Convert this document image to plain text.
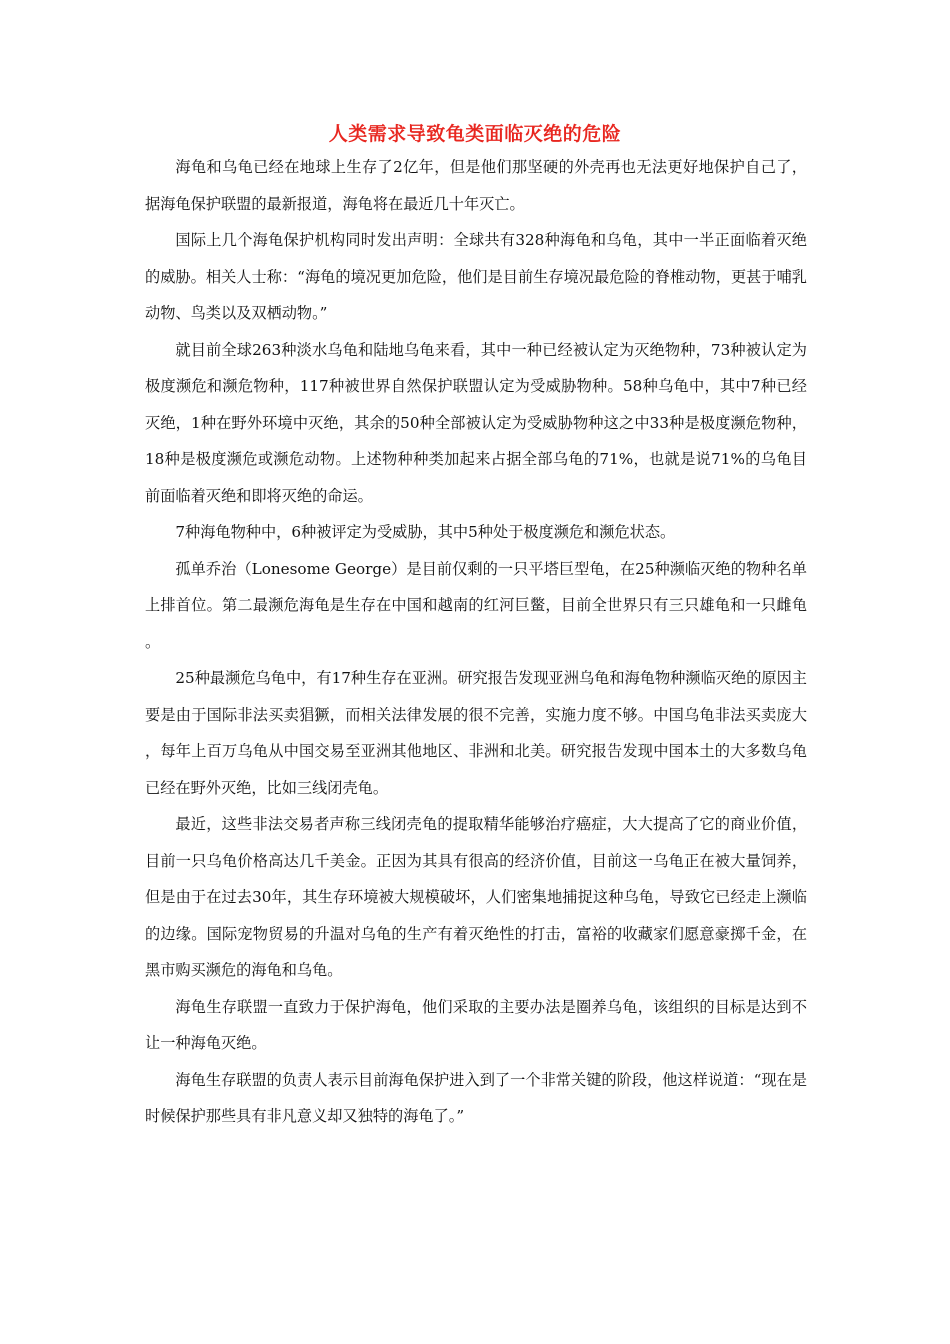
人类需求导致龟类面临灭绝的危险

海龟和乌龟已经在地球上生存了2亿年，但是他们那坚硬的外壳再也无法更好地保护自己了，据海龟保护联盟的最新报道，海龟将在最近几十年灭亡。

国际上几个海龟保护机构同时发出声明：全球共有328种海龟和乌龟，其中一半正面临着灭绝的威胁。相关人士称：“海龟的境况更加危险，他们是目前生存境况最危险的脊椎动物，更甚于哺乳动物、鸟类以及双栖动物。”

就目前全球263种淡水乌龟和陆地乌龟来看，其中一种已经被认定为灭绝物种，73种被认定为极度濒危和濒危物种，117种被世界自然保护联盟认定为受威胁物种。58种乌龟中，其中7种已经灭绝，1种在野外环境中灭绝，其余的50种全部被认定为受威胁物种这之中33种是极度濒危物种，18种是极度濒危或濒危动物。上述物种种类加起来占据全部乌龟的71%，也就是说71%的乌龟目前面临着灭绝和即将灭绝的命运。

7种海龟物种中，6种被评定为受威胁，其中5种处于极度濒危和濒危状态。

孤单乔治（Lonesome George）是目前仅剩的一只平塔巨型龟，在25种濒临灭绝的物种名单上排首位。第二最濒危海龟是生存在中国和越南的红河巨鳖，目前全世界只有三只雄龟和一只雌龟。

25种最濒危乌龟中，有17种生存在亚洲。研究报告发现亚洲乌龟和海龟物种濒临灭绝的原因主要是由于国际非法买卖猖獗，而相关法律发展的很不完善，实施力度不够。中国乌龟非法买卖庞大，每年上百万乌龟从中国交易至亚洲其他地区、非洲和北美。研究报告发现中国本土的大多数乌龟已经在野外灭绝，比如三线闭壳龟。

最近，这些非法交易者声称三线闭壳龟的提取精华能够治疗癌症，大大提高了它的商业价值，目前一只乌龟价格高达几千美金。正因为其具有很高的经济价值，目前这一乌龟正在被大量饲养，但是由于在过去30年，其生存环境被大规模破坏，人们密集地捕捉这种乌龟，导致它已经走上濒临的边缘。国际宠物贸易的升温对乌龟的生产有着灭绝性的打击，富裕的收藏家们愿意豪掷千金，在黑市购买濒危的海龟和乌龟。

海龟生存联盟一直致力于保护海龟，他们采取的主要办法是圈养乌龟，该组织的目标是达到不让一种海龟灭绝。

海龟生存联盟的负责人表示目前海龟保护进入到了一个非常关键的阶段，他这样说道：“现在是时候保护那些具有非凡意义却又独特的海龟了。”
